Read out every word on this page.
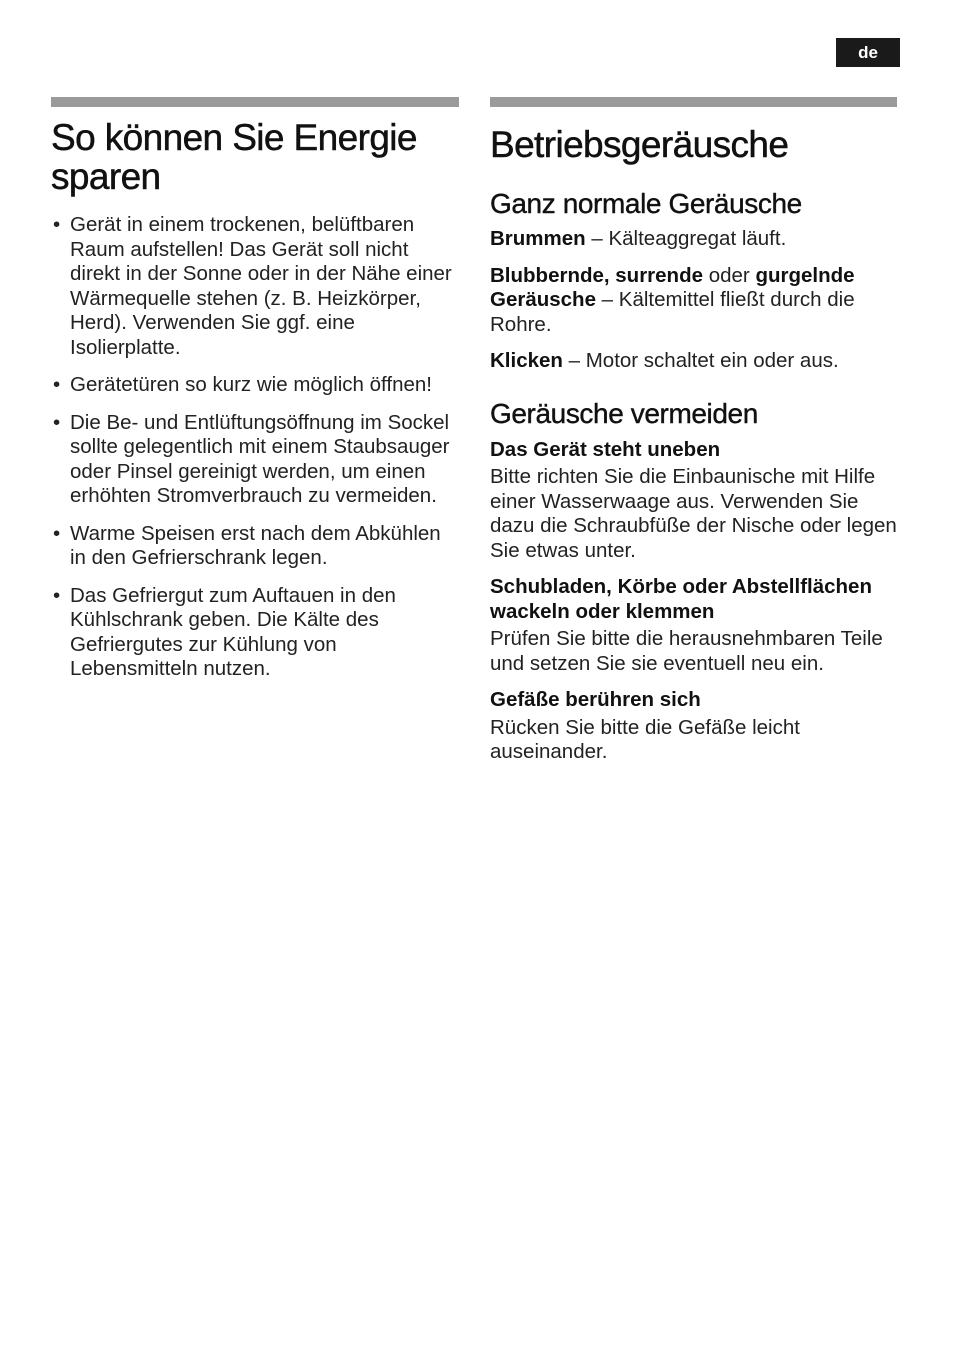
de
So können Sie Energie sparen
• Gerät in einem trockenen, belüftbaren Raum aufstellen! Das Gerät soll nicht direkt in der Sonne oder in der Nähe einer Wärmequelle stehen (z. B. Heizkörper, Herd). Verwenden Sie ggf. eine Isolierplatte.
• Gerätetüren so kurz wie möglich öffnen!
• Die Be- und Entlüftungsöffnung im Sockel sollte gelegentlich mit einem Staubsauger oder Pinsel gereinigt werden, um einen erhöhten Stromverbrauch zu vermeiden.
• Warme Speisen erst nach dem Abkühlen in den Gefrierschrank legen.
• Das Gefriergut zum Auftauen in den Kühlschrank geben. Die Kälte des Gefriergutes zur Kühlung von Lebensmitteln nutzen.
Betriebsgeräusche
Ganz normale Geräusche

Brummen – Kälteaggregat läuft.

Blubbernde, surrende oder gurgelnde Geräusche – Kältemittel fließt durch die Rohre.

Klicken – Motor schaltet ein oder aus.

Geräusche vermeiden

Das Gerät steht uneben

Bitte richten Sie die Einbaunische mit Hilfe einer Wasserwaage aus. Verwenden Sie dazu die Schraubfüße der Nische oder legen Sie etwas unter.

Schubladen, Körbe oder Abstellflächen wackeln oder klemmen

Prüfen Sie bitte die herausnehmbaren Teile und setzen Sie sie eventuell neu ein.

Gefäße berühren sich

Rücken Sie bitte die Gefäße leicht auseinander.
